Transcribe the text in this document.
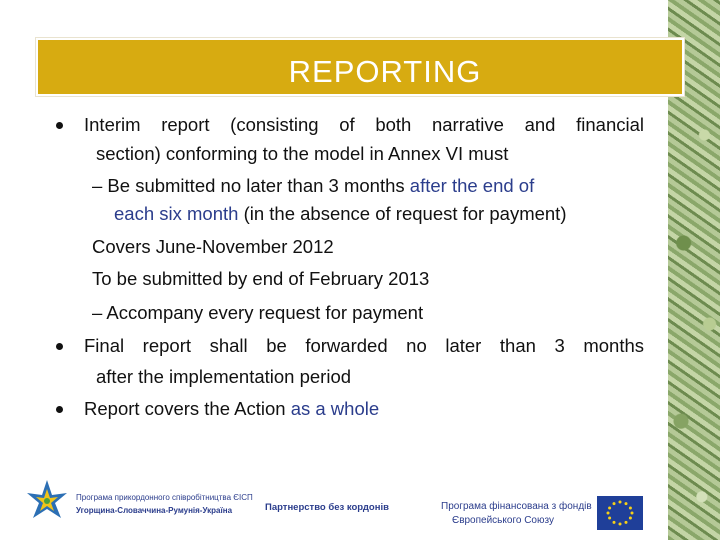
REPORTING
Interim report (consisting of both narrative and financial
section) conforming to the model in Annex VI must
– Be submitted no later than 3 months after the end of
each six month (in the absence of request for payment)
Covers June-November 2012
To be submitted by end of February 2013
– Accompany every request for payment
Final report shall be forwarded no later than 3 months
after the implementation period
Report covers the Action as a whole
Програма прикордонного співробітництва ЄІСП
Угорщина-Словаччина-Румунія-Україна	Партнерство без кордонів	Програма фінансована з фондів
Європейського Союзу
